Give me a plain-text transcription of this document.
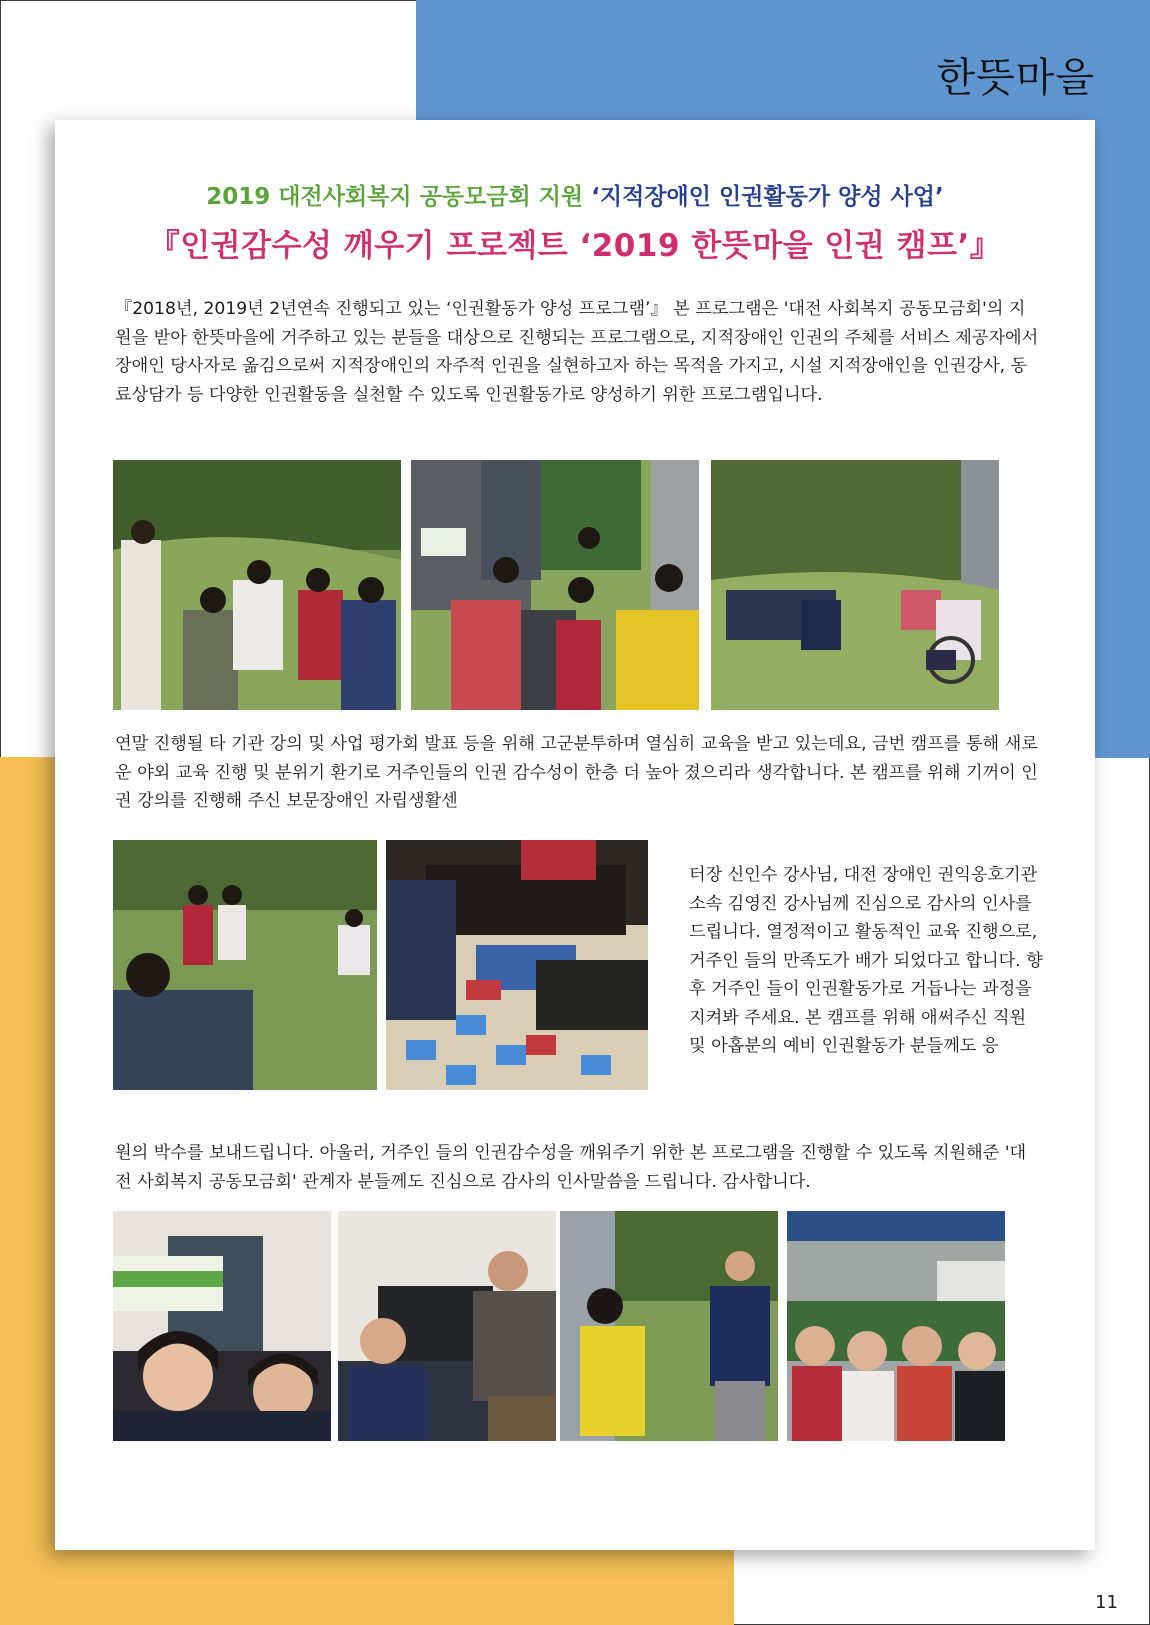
한뜻마을
2019 대전사회복지 공동모금회 지원 ‘지적장애인 인권활동가 양성 사업’
『인권감수성 깨우기 프로젝트 ‘2019 한뜻마을 인권 캠프’』
『2018년, 2019년 2년연속 진행되고 있는 ‘인권활동가 양성 프로그램’』 본 프로그램은 '대전 사회복지 공동모금회'의 지원을 받아 한뜻마을에 거주하고 있는 분들을 대상으로 진행되는 프로그램으로, 지적장애인 인권의 주체를 서비스 제공자에서 장애인 당사자로 옮김으로써 지적장애인의 자주적 인권을 실현하고자 하는 목적을 가지고, 시설 지적장애인을 인권강사, 동료상담가 등 다양한 인권활동을 실천할 수 있도록 인권활동가로 양성하기 위한 프로그램입니다.
연말 진행될 타 기관 강의 및 사업 평가회 발표 등을 위해 고군분투하며 열심히 교육을 받고 있는데요, 금번 캠프를 통해 새로운 야외 교육 진행 및 분위기 환기로 거주인들의 인권 감수성이 한층 더 높아 졌으리라 생각합니다. 본 캠프를 위해 기꺼이 인권 강의를 진행해 주신 보문장애인 자립생활센
터장 신인수 강사님, 대전 장애인 권익옹호기관 소속 김영진 강사님께 진심으로 감사의 인사를 드립니다. 열정적이고 활동적인 교육 진행으로, 거주인 들의 만족도가 배가 되었다고 합니다. 향후 거주인 들이 인권활동가로 거듭나는 과정을 지켜봐 주세요. 본 캠프를 위해 애써주신 직원 및 아홉분의 예비 인권활동가 분들께도 응
원의 박수를 보내드립니다. 아울러, 거주인 들의 인권감수성을 깨워주기 위한 본 프로그램을 진행할 수 있도록 지원해준 '대전 사회복지 공동모금회' 관계자 분들께도 진심으로 감사의 인사말씀을 드립니다. 감사합니다.
11
